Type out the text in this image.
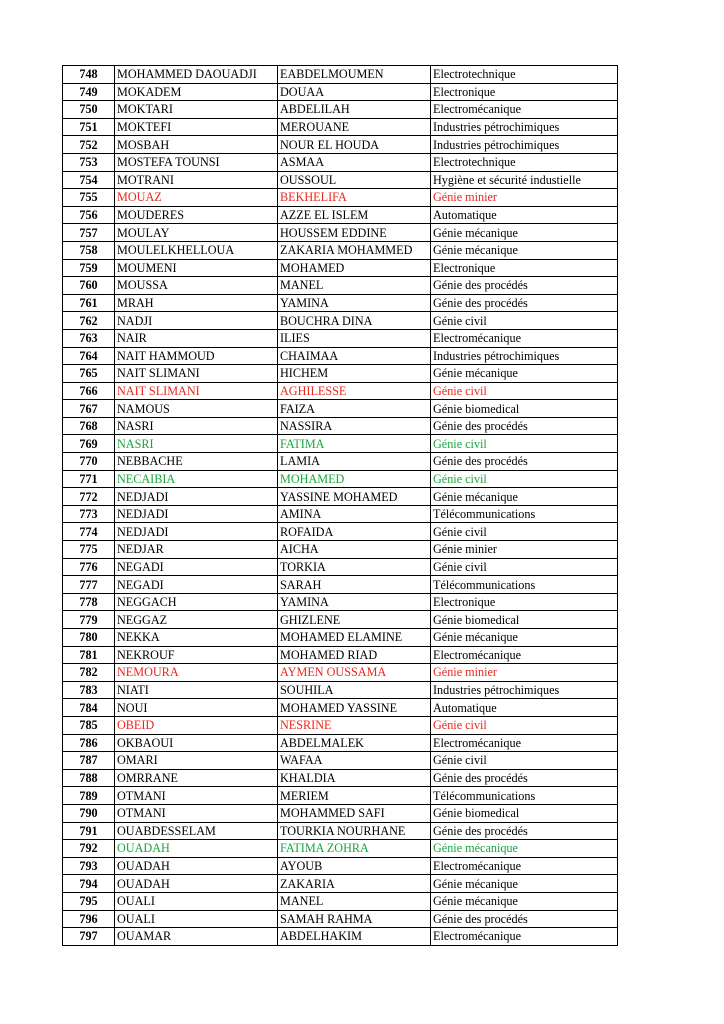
748	MOHAMMED DAOUADJI	EABDELMOUMEN	Electrotechnique
749	MOKADEM	DOUAA	Electronique
750	MOKTARI	ABDELILAH	Electromécanique
751	MOKTEFI	MEROUANE	Industries pétrochimiques
752	MOSBAH	NOUR EL HOUDA	Industries pétrochimiques
753	MOSTEFA TOUNSI	ASMAA	Electrotechnique
754	MOTRANI	OUSSOUL	Hygiène et sécurité industielle
755	MOUAZ	BEKHELIFA	Génie minier
756	MOUDERES	AZZE EL ISLEM	Automatique
757	MOULAY	HOUSSEM EDDINE	Génie mécanique
758	MOULELKHELLOUA	ZAKARIA MOHAMMED	Génie mécanique
759	MOUMENI	MOHAMED	Electronique
760	MOUSSA	MANEL	Génie des procédés
761	MRAH	YAMINA	Génie des procédés
762	NADJI	BOUCHRA DINA	Génie civil
763	NAIR	ILIES	Electromécanique
764	NAIT HAMMOUD	CHAIMAA	Industries pétrochimiques
765	NAIT SLIMANI	HICHEM	Génie mécanique
766	NAIT SLIMANI	AGHILESSE	Génie civil
767	NAMOUS	FAIZA	Génie biomedical
768	NASRI	NASSIRA	Génie des procédés
769	NASRI	FATIMA	Génie civil
770	NEBBACHE	LAMIA	Génie des procédés
771	NECAIBIA	MOHAMED	Génie civil
772	NEDJADI	YASSINE MOHAMED	Génie mécanique
773	NEDJADI	AMINA	Télécommunications
774	NEDJADI	ROFAIDA	Génie civil
775	NEDJAR	AICHA	Génie minier
776	NEGADI	TORKIA	Génie civil
777	NEGADI	SARAH	Télécommunications
778	NEGGACH	YAMINA	Electronique
779	NEGGAZ	GHIZLENE	Génie biomedical
780	NEKKA	MOHAMED ELAMINE	Génie mécanique
781	NEKROUF	MOHAMED RIAD	Electromécanique
782	NEMOURA	AYMEN OUSSAMA	Génie minier
783	NIATI	SOUHILA	Industries pétrochimiques
784	NOUI	MOHAMED YASSINE	Automatique
785	OBEID	NESRINE	Génie civil
786	OKBAOUI	ABDELMALEK	Electromécanique
787	OMARI	WAFAA	Génie civil
788	OMRRANE	KHALDIA	Génie des procédés
789	OTMANI	MERIEM	Télécommunications
790	OTMANI	MOHAMMED SAFI	Génie biomedical
791	OUABDESSELAM	TOURKIA NOURHANE	Génie des procédés
792	OUADAH	FATIMA ZOHRA	Génie mécanique
793	OUADAH	AYOUB	Electromécanique
794	OUADAH	ZAKARIA	Génie mécanique
795	OUALI	MANEL	Génie mécanique
796	OUALI	SAMAH RAHMA	Génie des procédés
797	OUAMAR	ABDELHAKIM	Electromécanique
